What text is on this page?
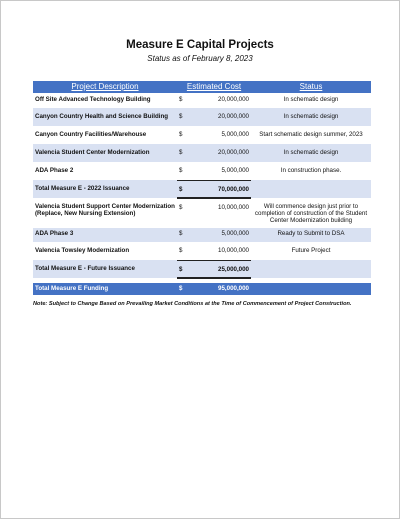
Measure E Capital Projects
Status as of February 8, 2023
Project Description	Estimated Cost		Status
Off Site Advanced Technology Building	$	20,000,000	In schematic design
Canyon Country Health and Science Building	$	20,000,000	In schematic design
Canyon Country Facilities/Warehouse	$	5,000,000	Start schematic design summer, 2023
Valencia Student Center Modernization	$	20,000,000	In schematic design
ADA Phase 2	$	5,000,000	In construction phase.
Total Measure E - 2022 Issuance	$	70,000,000	
Valencia Student Support Center Modernization (Replace, New Nursing Extension)	$	10,000,000	Will commence design just prior to completion of construction of the Student Center Modernization building
ADA Phase 3	$	5,000,000	Ready to Submit to DSA
Valencia Towsley Modernization	$	10,000,000	Future Project
Total Measure E - Future Issuance	$	25,000,000	

Total Measure E Funding	$	95,000,000	
Note: Subject to Change Based on Prevailing Market Conditions at the Time of Commencement of Project Construction.
